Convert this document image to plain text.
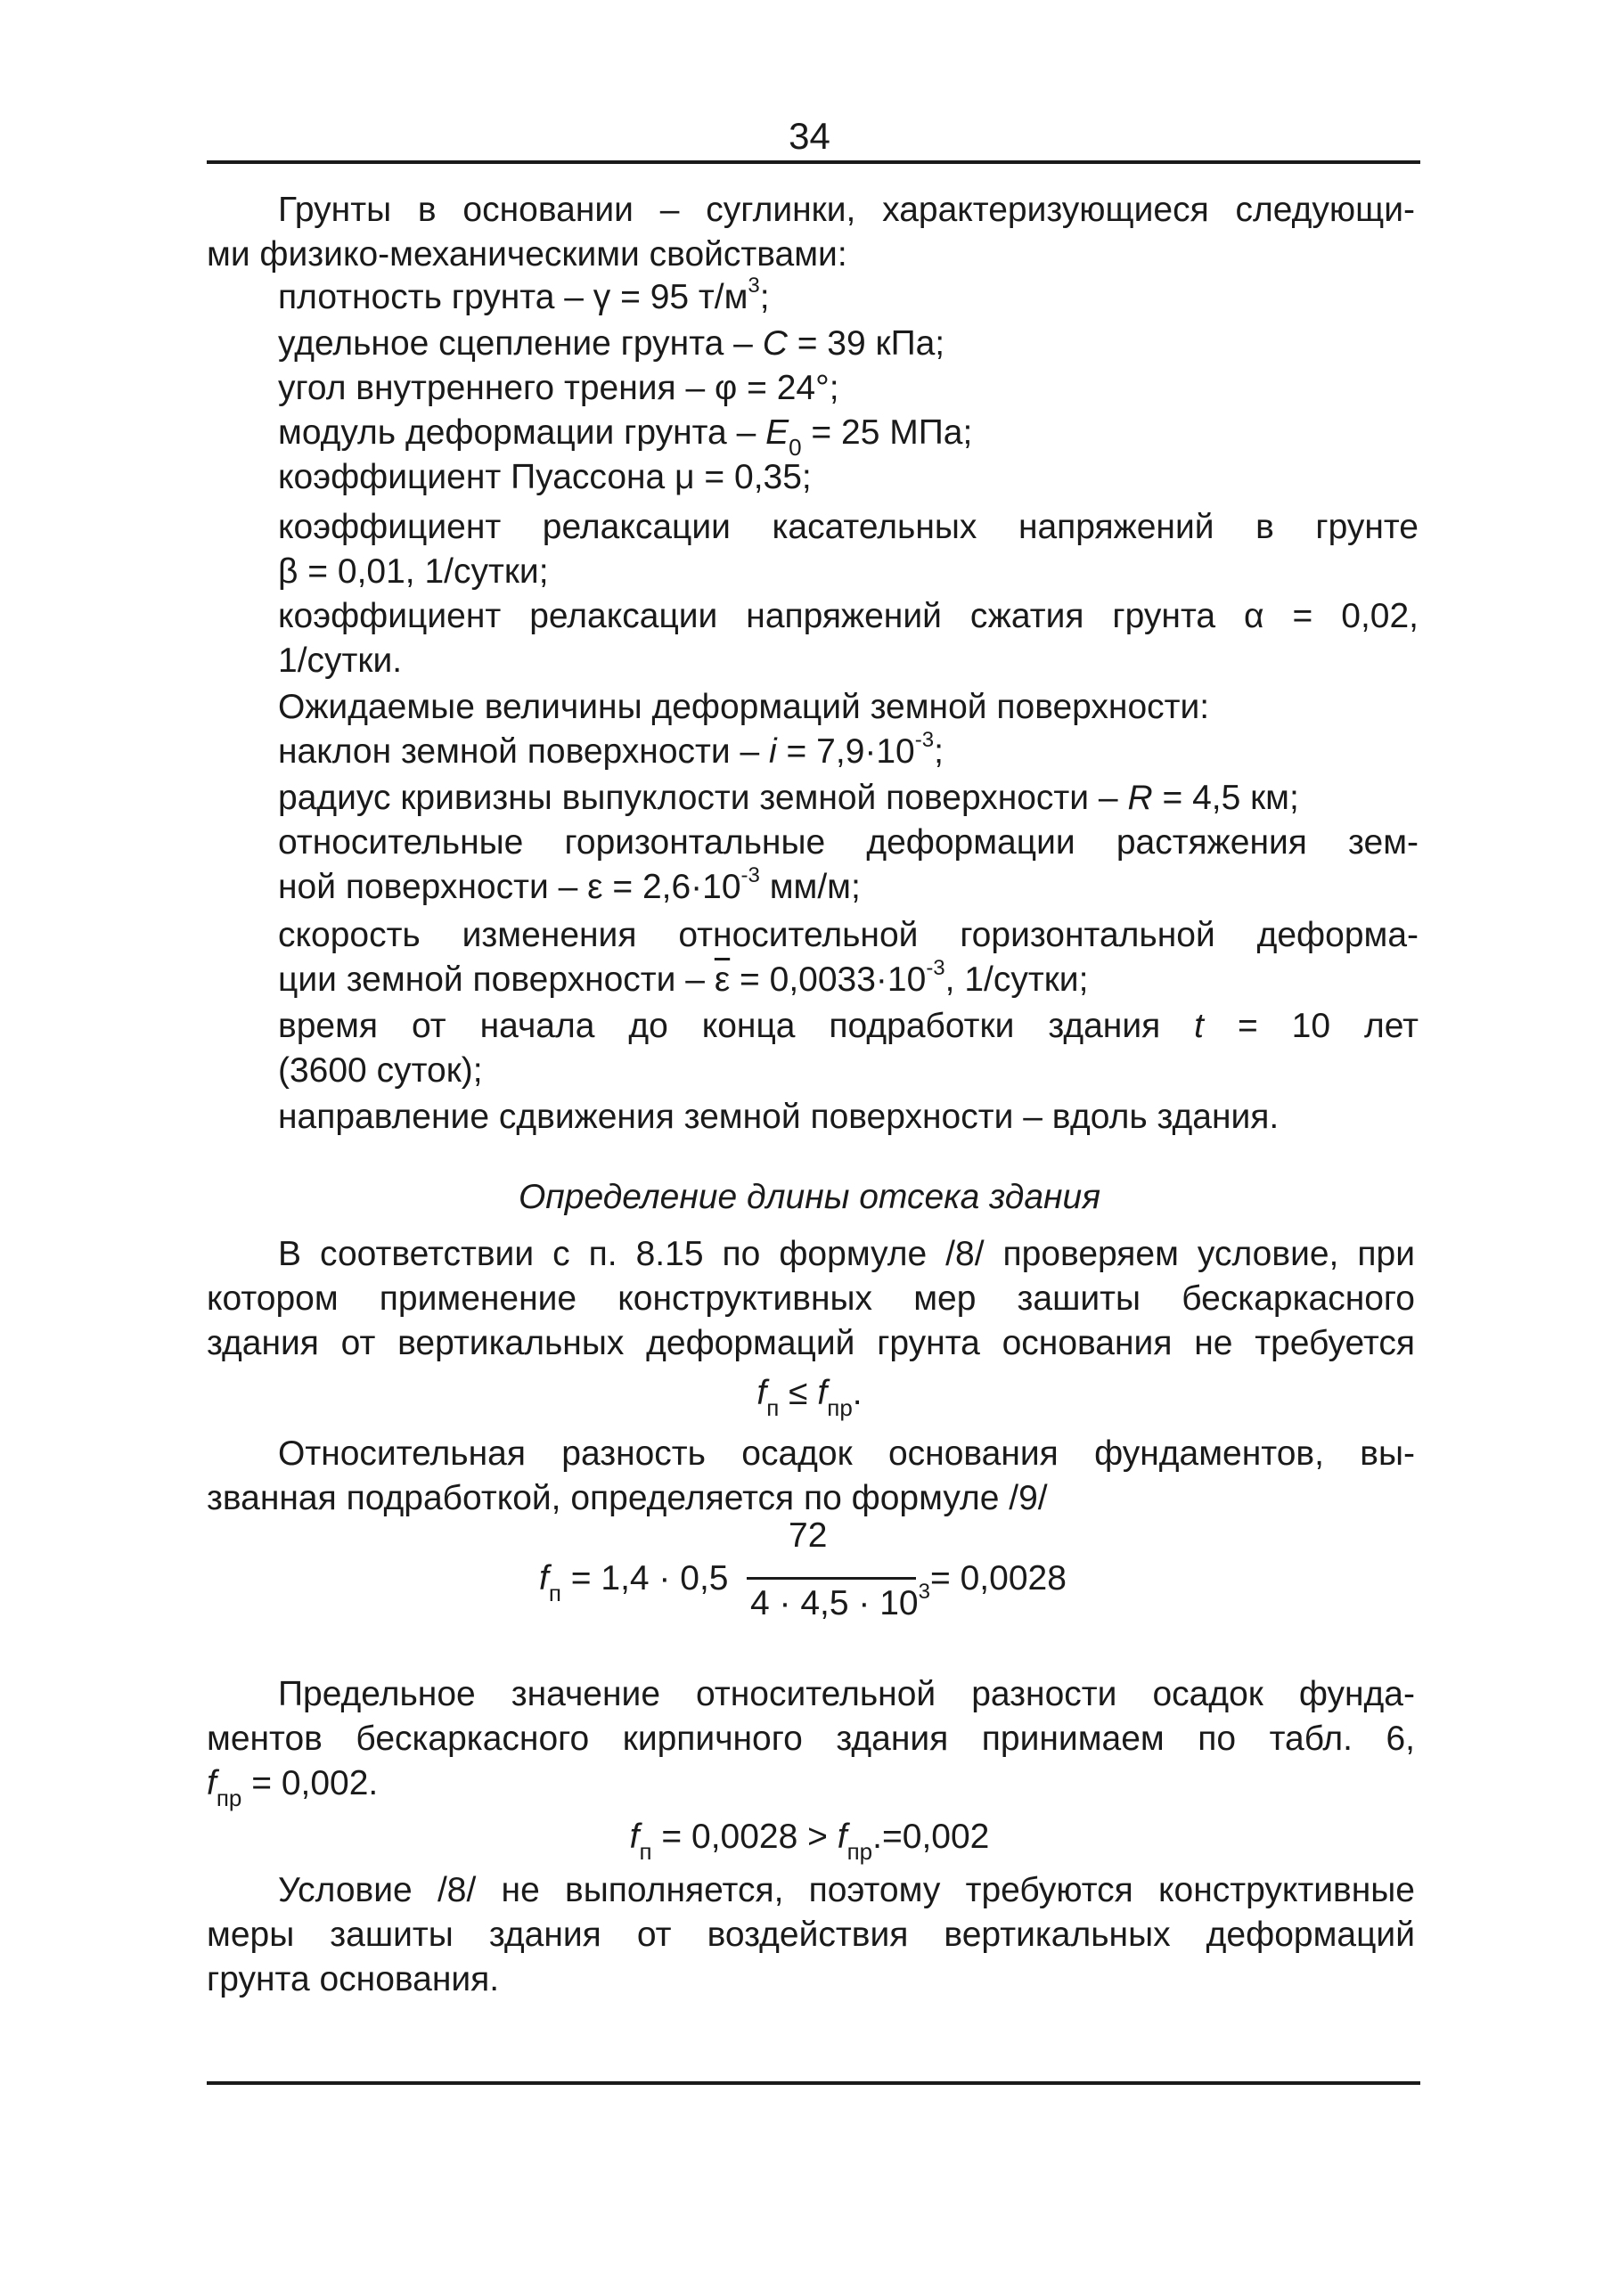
34
Грунты в основании – суглинки, характеризующиеся следующи-
ми физико-механическими свойствами:
плотность грунта – γ = 95 $т/м^3$;
удельное сцепление грунта – C = 39 кПа;
угол внутреннего трения – φ = 24°;
модуль деформации грунта – $E_0 = 25$ МПа;
коэффициент Пуассона μ = 0,35;
коэффициент релаксации касательных напряжений в грунте
β = 0,01, 1/сутки;
коэффициент релаксации напряжений сжатия грунта α = 0,02,
1/сутки.
Ожидаемые величины деформаций земной поверхности:
наклон земной поверхности – $i = 7,9\cdot 10^{-3}$;
радиус кривизны выпуклости земной поверхности – R = 4,5 км;
относительные горизонтальные деформации растяжения зем-
ной поверхности – $\varepsilon = 2,6\cdot 10^{-3}$ мм/м;
скорость изменения относительной горизонтальной деформа-
ции земной поверхности – $\overline{\varepsilon} = 0,0033\cdot 10^{-3}$, 1/сутки;
время от начала до конца подработки здания t = 10 лет
(3600 суток);
направление сдвижения земной поверхности – вдоль здания.
Определение длины отсека здания
В соответствии с п. 8.15 по формуле /8/ проверяем условие, при
котором применение конструктивных мер зашиты бескаркасного
здания от вертикальных деформаций грунта основания не требуется
$f_п \le f_{пр}$.
Относительная разность осадок основания фундаментов, вы-
званная подработкой, определяется по формуле /9/
$f_п = 1,4 \cdot 0,5$
72
$4 \cdot 4,5 \cdot 10^3 = 0,0028$
Предельное значение относительной разности осадок фунда-
ментов бескаркасного кирпичного здания принимаем по табл. 6,
$f_{пр} = 0,002$.
$f_п = 0,0028 > f_{пр}.=0,002$
Условие /8/ не выполняется, поэтому требуются конструктивные
меры зашиты здания от воздействия вертикальных деформаций
грунта основания.
